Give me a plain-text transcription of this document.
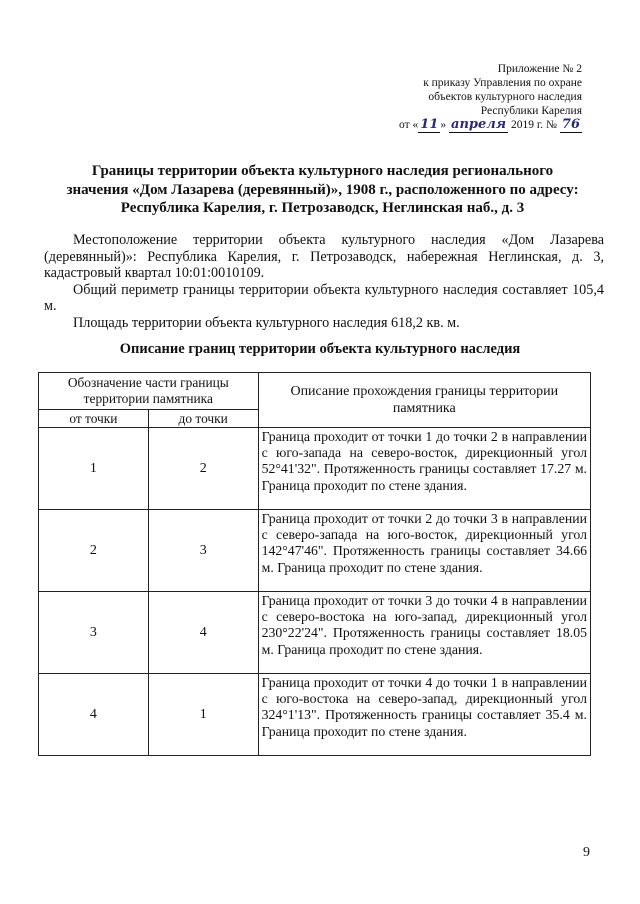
Приложение № 2
к приказу Управления по охране
объектов культурного наследия
Республики Карелия
от « 11 » апреля 2019 г. № 76
Границы территории объекта культурного наследия регионального
значения «Дом Лазарева (деревянный)», 1908 г., расположенного по адресу:
Республика Карелия, г. Петрозаводск, Неглинская наб., д. 3

Местоположение территории объекта культурного наследия «Дом Лазарева (деревянный)»: Республика Карелия, г. Петрозаводск, набережная Неглинская, д. 3, кадастровый квартал 10:01:0010109.

Общий периметр границы территории объекта культурного наследия составляет 105,4 м.

Площадь территории объекта культурного наследия 618,2 кв. м.

Описание границ территории объекта культурного наследия
Обозначение части границы территории памятника		Описание прохождения границы территории памятника
от точки	до точки	
1	2	Граница проходит от точки 1 до точки 2 в направлении с юго-запада на северо-восток, дирекционный угол 52°41'32". Протяженность границы составляет 17.27 м. Граница проходит по стене здания.
2	3	Граница проходит от точки 2 до точки 3 в направлении с северо-запада на юго-восток, дирекционный угол 142°47'46". Протяженность границы составляет 34.66 м. Граница проходит по стене здания.
3	4	Граница проходит от точки 3 до точки 4 в направлении с северо-востока на юго-запад, дирекционный угол 230°22'24". Протяженность границы составляет 18.05 м. Граница проходит по стене здания.
4	1	Граница проходит от точки 4 до точки 1 в направлении с юго-востока на северо-запад, дирекционный угол 324°1'13". Протяженность границы составляет 35.4 м. Граница проходит по стене здания.
9
